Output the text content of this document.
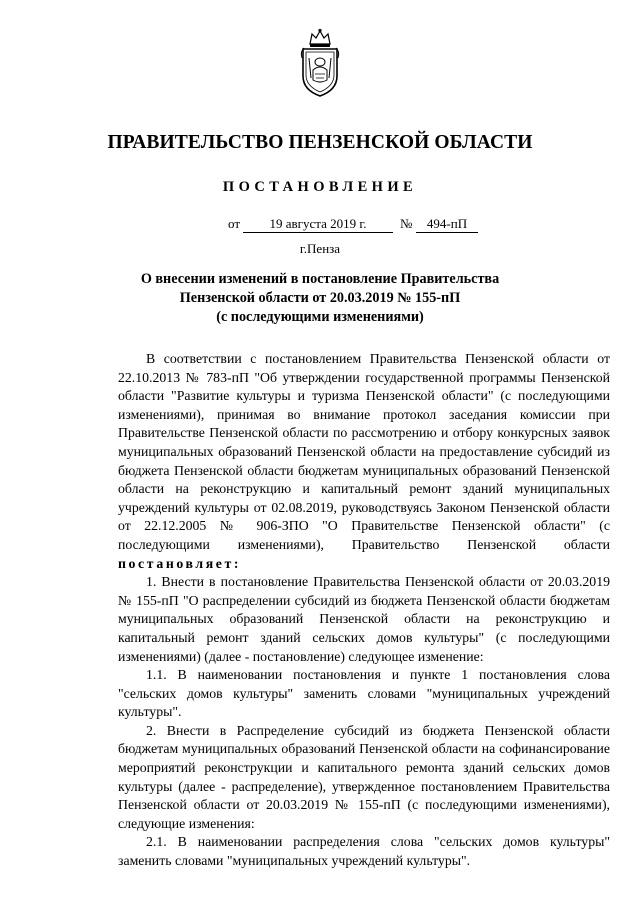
ПРАВИТЕЛЬСТВО ПЕНЗЕНСКОЙ ОБЛАСТИ
ПОСТАНОВЛЕНИЕ
от	19 августа 2019 г.	№	494-пП
г.Пенза
О внесении изменений в постановление Правительства
Пензенской области от 20.03.2019 № 155-пП
(с последующими изменениями)

В соответствии с постановлением Правительства Пензенской области от 22.10.2013 № 783-пП "Об утверждении государственной программы Пензенской области "Развитие культуры и туризма Пензенской области" (с последующими изменениями), принимая во внимание протокол заседания комиссии при Правительстве Пензенской области по рассмотрению и отбору конкурсных заявок муниципальных образований Пензенской области на предоставление субсидий из бюджета Пензенской области бюджетам муниципальных образований Пензенской области на реконструкцию и капитальный ремонт зданий муниципальных учреждений культуры от 02.08.2019, руководствуясь Законом Пензенской области от 22.12.2005 № 906-ЗПО "О Правительстве Пензенской области" (с последующими изменениями), Правительство Пензенской области постановляет:

1. Внести в постановление Правительства Пензенской области от 20.03.2019 № 155-пП "О распределении субсидий из бюджета Пензенской области бюджетам муниципальных образований Пензенской области на реконструкцию и капитальный ремонт зданий сельских домов культуры" (с последующими изменениями) (далее - постановление) следующее изменение:

1.1. В наименовании постановления и пункте 1 постановления слова "сельских домов культуры" заменить словами "муниципальных учреждений культуры".

2. Внести в Распределение субсидий из бюджета Пензенской области бюджетам муниципальных образований Пензенской области на софинансирование мероприятий реконструкции и капитального ремонта зданий сельских домов культуры (далее - распределение), утвержденное постановлением Правительства Пензенской области от 20.03.2019 № 155-пП (с последующими изменениями), следующие изменения:

2.1. В наименовании распределения слова "сельских домов культуры" заменить словами "муниципальных учреждений культуры".
